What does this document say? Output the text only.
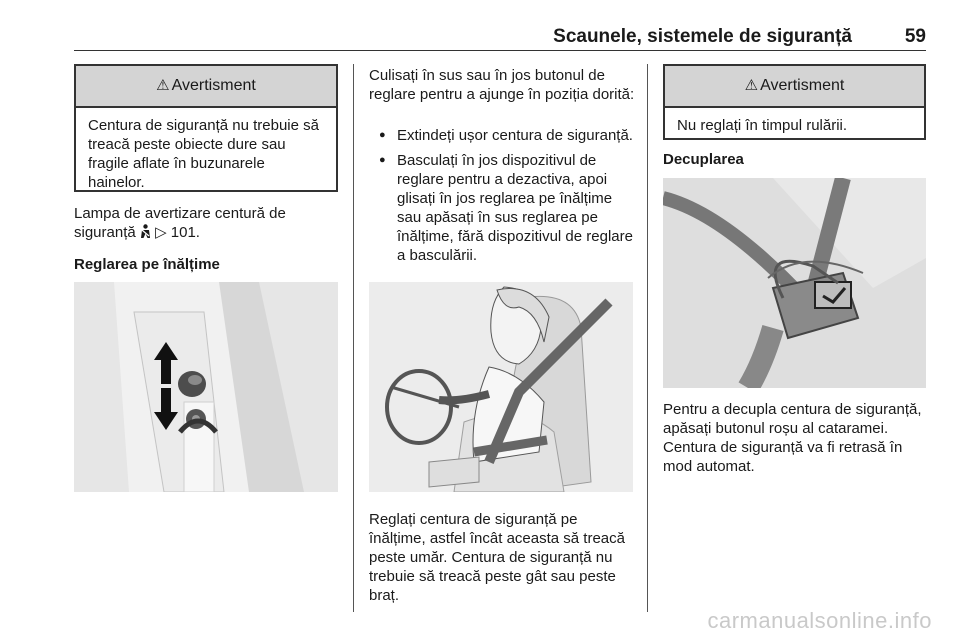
Scaunele, sistemele de siguranță	59
⚠ Avertisment
Centura de siguranță nu trebuie să treacă peste obiecte dure sau fragile aflate în buzunarele hainelor.
Lampa de avertizare centură de siguranță ▷ 101.
Reglarea pe înălțime
Culisați în sus sau în jos butonul de reglare pentru a ajunge în poziția dorită:
● Extindeți ușor centura de siguranță.
● Basculați în jos dispozitivul de reglare pentru a dezactiva, apoi glisați în jos reglarea pe înălțime sau apăsați în sus reglarea pe înălțime, fără dispozitivul de reglare a basculării.
Reglați centura de siguranță pe înălțime, astfel încât aceasta să treacă peste umăr. Centura de siguranță nu trebuie să treacă peste gât sau peste braț.
⚠ Avertisment
Nu reglați în timpul rulării.
Decuplarea
Pentru a decupla centura de siguranță, apăsați butonul roșu al cataramei. Centura de siguranță va fi retrasă în mod automat.
carmanualsonline.info
